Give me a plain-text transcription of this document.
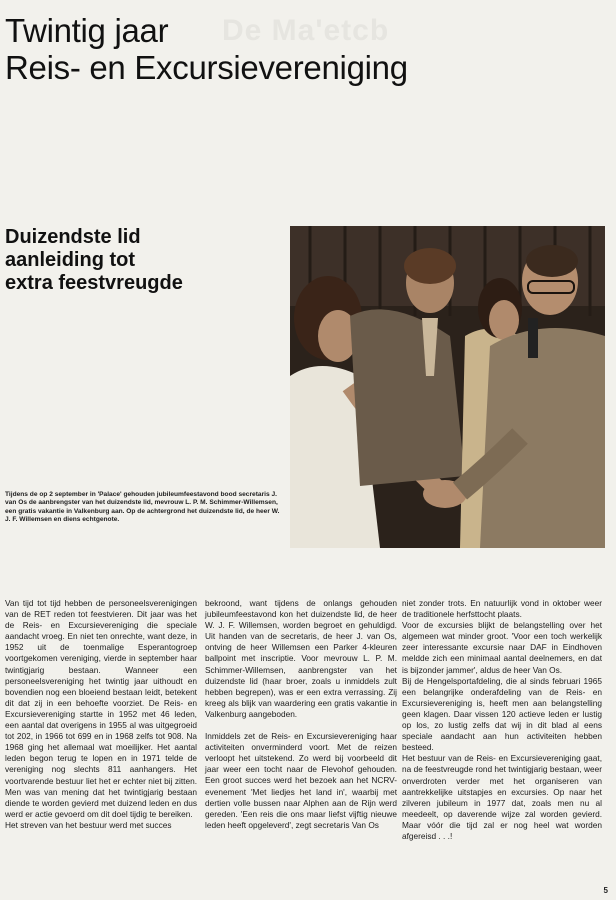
De Ma'etcb
Twintig jaar
Reis- en Excursievereniging
Duizendste lid
aanleiding tot
extra feestvreugde

Tijdens de op 2 september in 'Palace' gehouden jubileumfeestavond bood secretaris J. van Os de aanbrengster van het duizendste lid, mevrouw L. P. M. Schimmer-Willemsen, een gratis vakantie in Valkenburg aan. Op de achtergrond het duizendste lid, de heer W. J. F. Willemsen en diens echtgenote.

Van tijd tot tijd hebben de personeelsverenigingen van de RET reden tot feestvieren. Dit jaar was het de Reis- en Excursievereniging die speciale aandacht vroeg. En niet ten onrechte, want deze, in 1952 uit de toenmalige Esperantogroep voortgekomen vereniging, vierde in september haar twintigjarig bestaan. Wanneer een personeelsvereniging het twintig jaar uithoudt en bovendien nog een bloeiend bestaan leidt, betekent dit dat zij in een behoefte voorziet. De Reis- en Excursievereniging startte in 1952 met 46 leden, een aantal dat overigens in 1955 al was uitgegroeid tot 202, in 1966 tot 699 en in 1968 zelfs tot 908. Na 1968 ging het allemaal wat moeilijker. Het aantal leden begon terug te lopen en in 1971 telde de vereniging nog slechts 811 aanhangers. Het voortvarende bestuur liet het er echter niet bij zitten. Men was van mening dat het twintigjarig bestaan diende te worden gevierd met duizend leden en dus werd er actie gevoerd om dit doel tijdig te bereiken.

Het streven van het bestuur werd met succes

bekroond, want tijdens de onlangs gehouden jubileumfeestavond kon het duizendste lid, de heer W. J. F. Willemsen, worden begroet en gehuldigd. Uit handen van de secretaris, de heer J. van Os, ontving de heer Willemsen een Parker 4-kleuren ballpoint met inscriptie. Voor mevrouw L. P. M. Schimmer-Willemsen, aanbrengster van het duizendste lid (haar broer, zoals u inmiddels zult hebben begrepen), was er een extra verrassing. Zij kreeg als blijk van waardering een gratis vakantie in Valkenburg aangeboden.

Inmiddels zet de Reis- en Excursievereniging haar activiteiten onverminderd voort. Met de reizen verloopt het uitstekend. Zo werd bij voorbeeld dit jaar weer een tocht naar de Flevohof gehouden. Een groot succes werd het bezoek aan het NCRV-evenement 'Met liedjes het land in', waarbij met dertien volle bussen naar Alphen aan de Rijn werd gereden. 'Een reis die ons maar liefst vijftig nieuwe leden heeft opgeleverd', zegt secretaris Van Os

niet zonder trots. En natuurlijk vond in oktober weer de traditionele herfsttocht plaats.

Voor de excursies blijkt de belangstelling over het algemeen wat minder groot. 'Voor een toch werkelijk zeer interessante excursie naar DAF in Eindhoven meldde zich een minimaal aantal deelnemers, en dat is bijzonder jammer', aldus de heer Van Os.

Bij de Hengelsportafdeling, die al sinds februari 1965 een belangrijke onderafdeling van de Reis- en Excursievereniging is, heeft men aan belangstelling geen klagen. Daar vissen 120 actieve leden er lustig op los, zo lustig zelfs dat wij in dit blad al eens speciale aandacht aan hun activiteiten hebben besteed.

Het bestuur van de Reis- en Excursievereniging gaat, na de feestvreugde rond het twintigjarig bestaan, weer onverdroten verder met het organiseren van aantrekkelijke uitstapjes en excursies. Op naar het zilveren jubileum in 1977 dat, zoals men nu al meedeelt, op daverende wijze zal worden gevierd. Maar vóór die tijd zal er nog heel wat worden afgereisd . . .!

5
